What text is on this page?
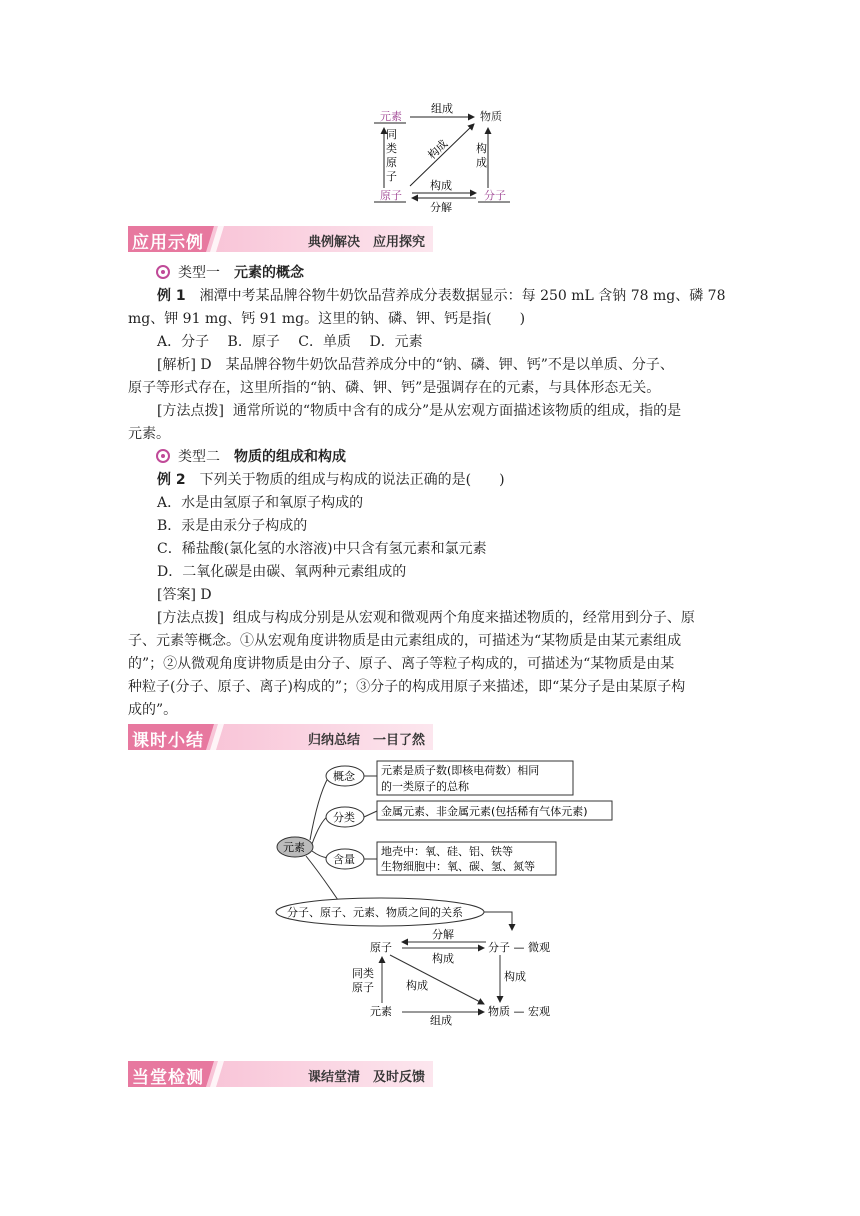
元素	物质
原子	分子
组成
同
类
原
子
构成 构
成
构成
分解
应用示例	典例解决　应用探究
类型一　 元素的概念
例 1　 湘潭中考某品牌谷物牛奶饮品营养成分表数据显示：每 250 mL 含钠 78 mg、磷 78
mg、钾 91 mg、钙 91 mg。这里的钠、磷、钾、钙是指(　　)
A．分子　 B．原子　 C．单质　 D．元素
[解析] D　 某品牌谷物牛奶饮品营养成分中的“钠、磷、钾、钙”不是以单质、分子、
原子等形式存在，这里所指的“钠、磷、钾、钙”是强调存在的元素，与具体形态无关。
[方法点拨] 通常所说的“物质中含有的成分”是从宏观方面描述该物质的组成，指的是
元素。
类型二　 物质的组成和构成
例 2　 下列关于物质的组成与构成的说法正确的是(　　)
A．水是由氢原子和氧原子构成的
B．汞是由汞分子构成的
C．稀盐酸(氯化氢的水溶液)中只含有氢元素和氯元素
D．二氧化碳是由碳、氧两种元素组成的
[答案] D
[方法点拨] 组成与构成分别是从宏观和微观两个角度来描述物质的，经常用到分子、原
子、元素等概念。①从宏观角度讲物质是由元素组成的，可描述为“某物质是由某元素组成
的”；②从微观角度讲物质是由分子、原子、离子等粒子构成的，可描述为“某物质是由某
种粒子(分子、原子、离子)构成的”；③分子的构成用原子来描述，即“某分子是由某原子构
成的”。
课时小结	归纳总结　一目了然
元素
概念 元素是质子数(即核电荷数）相同
的一类原子的总称
分类 金属元素、非金属元素(包括稀有气体元素)
含量
地壳中：氧、硅、铝、铁等
生物细胞中：氧、碳、氢、氮等
分子、原子、元素、物质之间的关系
原子	分子 — 微观
分解
构成
构成
同类
原子	构成
元素	物质 — 宏观
组成
当堂检测	课结堂清　及时反馈
